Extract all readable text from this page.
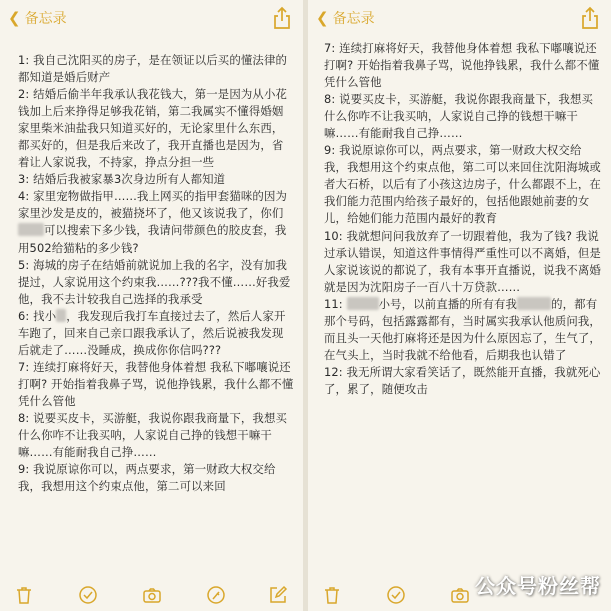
❮ 备忘录

1: 我自己沈阳买的房子，是在领证以后买的懂法律的都知道是婚后财产

2: 结婚后偷半年我承认我花钱大，第一是因为从小花钱加上后来挣得足够我花销，第二我属实不懂得婚姻家里柴米油盐我只知道买好的，无论家里什么东西，都买好的，但是我后来改了，我开直播也是因为，省着让人家说我，不持家，挣点分担一些

3: 结婚后我被家暴3次身边所有人都知道

4: 家里宠物做指甲……我上网买的指甲套猫咪的因为家里沙发是皮的，被猫挠坏了，他又该说我了，你们可以搜索下多少钱，我请问带颜色的胶皮套，我用502给猫粘的多少钱?

5: 海城的房子在结婚前就说加上我的名字，没有加我提过，人家说用这个约束我……???我不懂……好我爱他，我不去计较我自己选择的我承受

6: 找小 ，我发现后我打车直接过去了，然后人家开车跑了，回来自己亲口跟我承认了，然后说被我发现后就走了……没睡成，换成你你信吗???

7: 连续打麻将好天，我替他身体着想 我私下嘟嚷说还打啊? 开始指着我鼻子骂，说他挣钱累，我什么都不懂凭什么管他

8: 说要买皮卡，买游艇，我说你跟我商量下，我想买什么你咋不让我买呐，人家说自己挣的钱想干嘛干嘛……有能耐我自己挣……

9: 我说原谅你可以，两点要求，第一财政大权交给我，我想用这个约束点他，第二可以来回

❮ 备忘录

7: 连续打麻将好天，我替他身体着想 我私下嘟嚷说还打啊? 开始指着我鼻子骂，说他挣钱累，我什么都不懂凭什么管他

8: 说要买皮卡，买游艇，我说你跟我商量下，我想买什么你咋不让我买呐，人家说自己挣的钱想干嘛干嘛……有能耐我自己挣……

9: 我说原谅你可以，两点要求，第一财政大权交给我，我想用这个约束点他，第二可以来回住沈阳海城或者大石桥，以后有了小孩这边房子，什么都跟不上，在我们能力范围内给孩子最好的，包括他跟她前妻的女儿，给她们能力范围内最好的教育

10: 我就想问问我放弃了一切跟着他，我为了钱? 我说过承认错误，知道这件事情得严重性可以不离婚，但是人家说该说的都说了，我有本事开直播说，说我不离婚就是因为沈阳房子一百八十万贷款……

11:	小号，以前直播的所有有我	的，都有那个号码，包括露露都有，当时属实我承认他质问我，而且头一天他打麻将还是因为什么原因忘了，生气了，在气头上，当时我就不给他看，后期我也认错了

12: 我无所谓大家看笑话了，既然能开直播，我就死心了，累了，随便攻击

公众号粉丝帮
